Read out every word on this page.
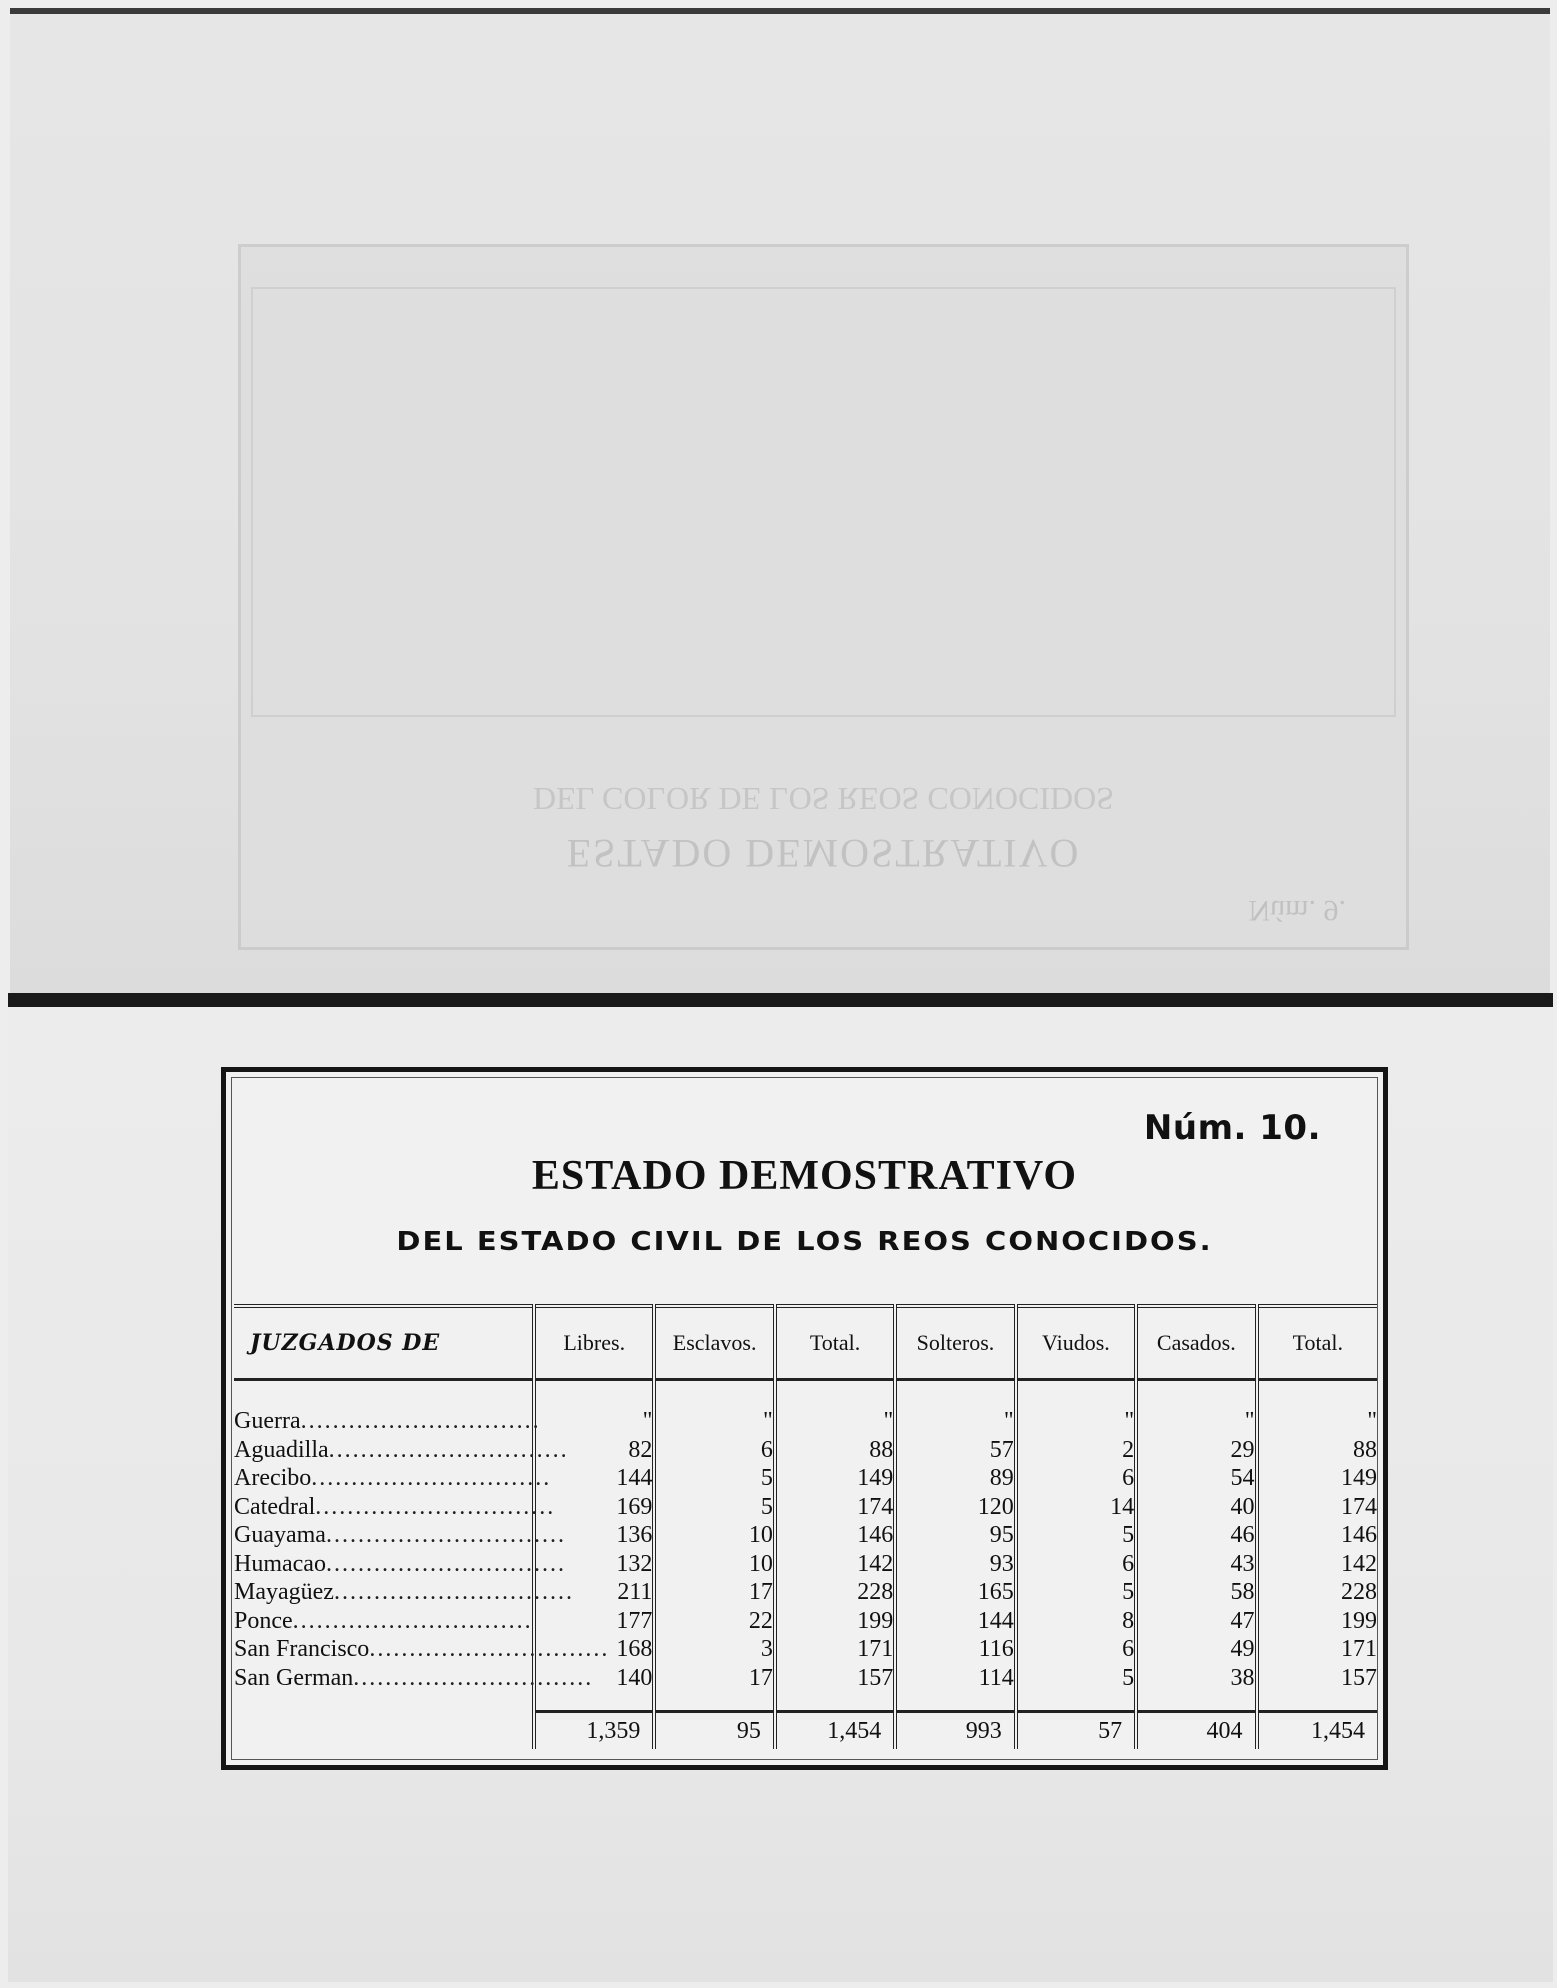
Núm. 9.
ESTADO DEMOSTRATIVO
DEL COLOR DE LOS REOS CONOCIDOS
Núm. 10.
ESTADO DEMOSTRATIVO
DEL ESTADO CIVIL DE LOS REOS CONOCIDOS.
JUZGADOS DE	Libres.	Esclavos.	Total.	Solteros.	Viudos.	Casados.	Total.

Guerra..............................	"	"	"	"	"	"	"
Aguadilla..............................	82	6	88	57	2	29	88
Arecibo..............................	144	5	149	89	6	54	149
Catedral..............................	169	5	174	120	14	40	174
Guayama..............................	136	10	146	95	5	46	146
Humacao..............................	132	10	142	93	6	43	142
Mayagüez..............................	211	17	228	165	5	58	228
Ponce..............................	177	22	199	144	8	47	199
San Francisco..............................	168	3	171	116	6	49	171
San German..............................	140	17	157	114	5	38	157

	1,359	95	1,454	993	57	404	1,454
